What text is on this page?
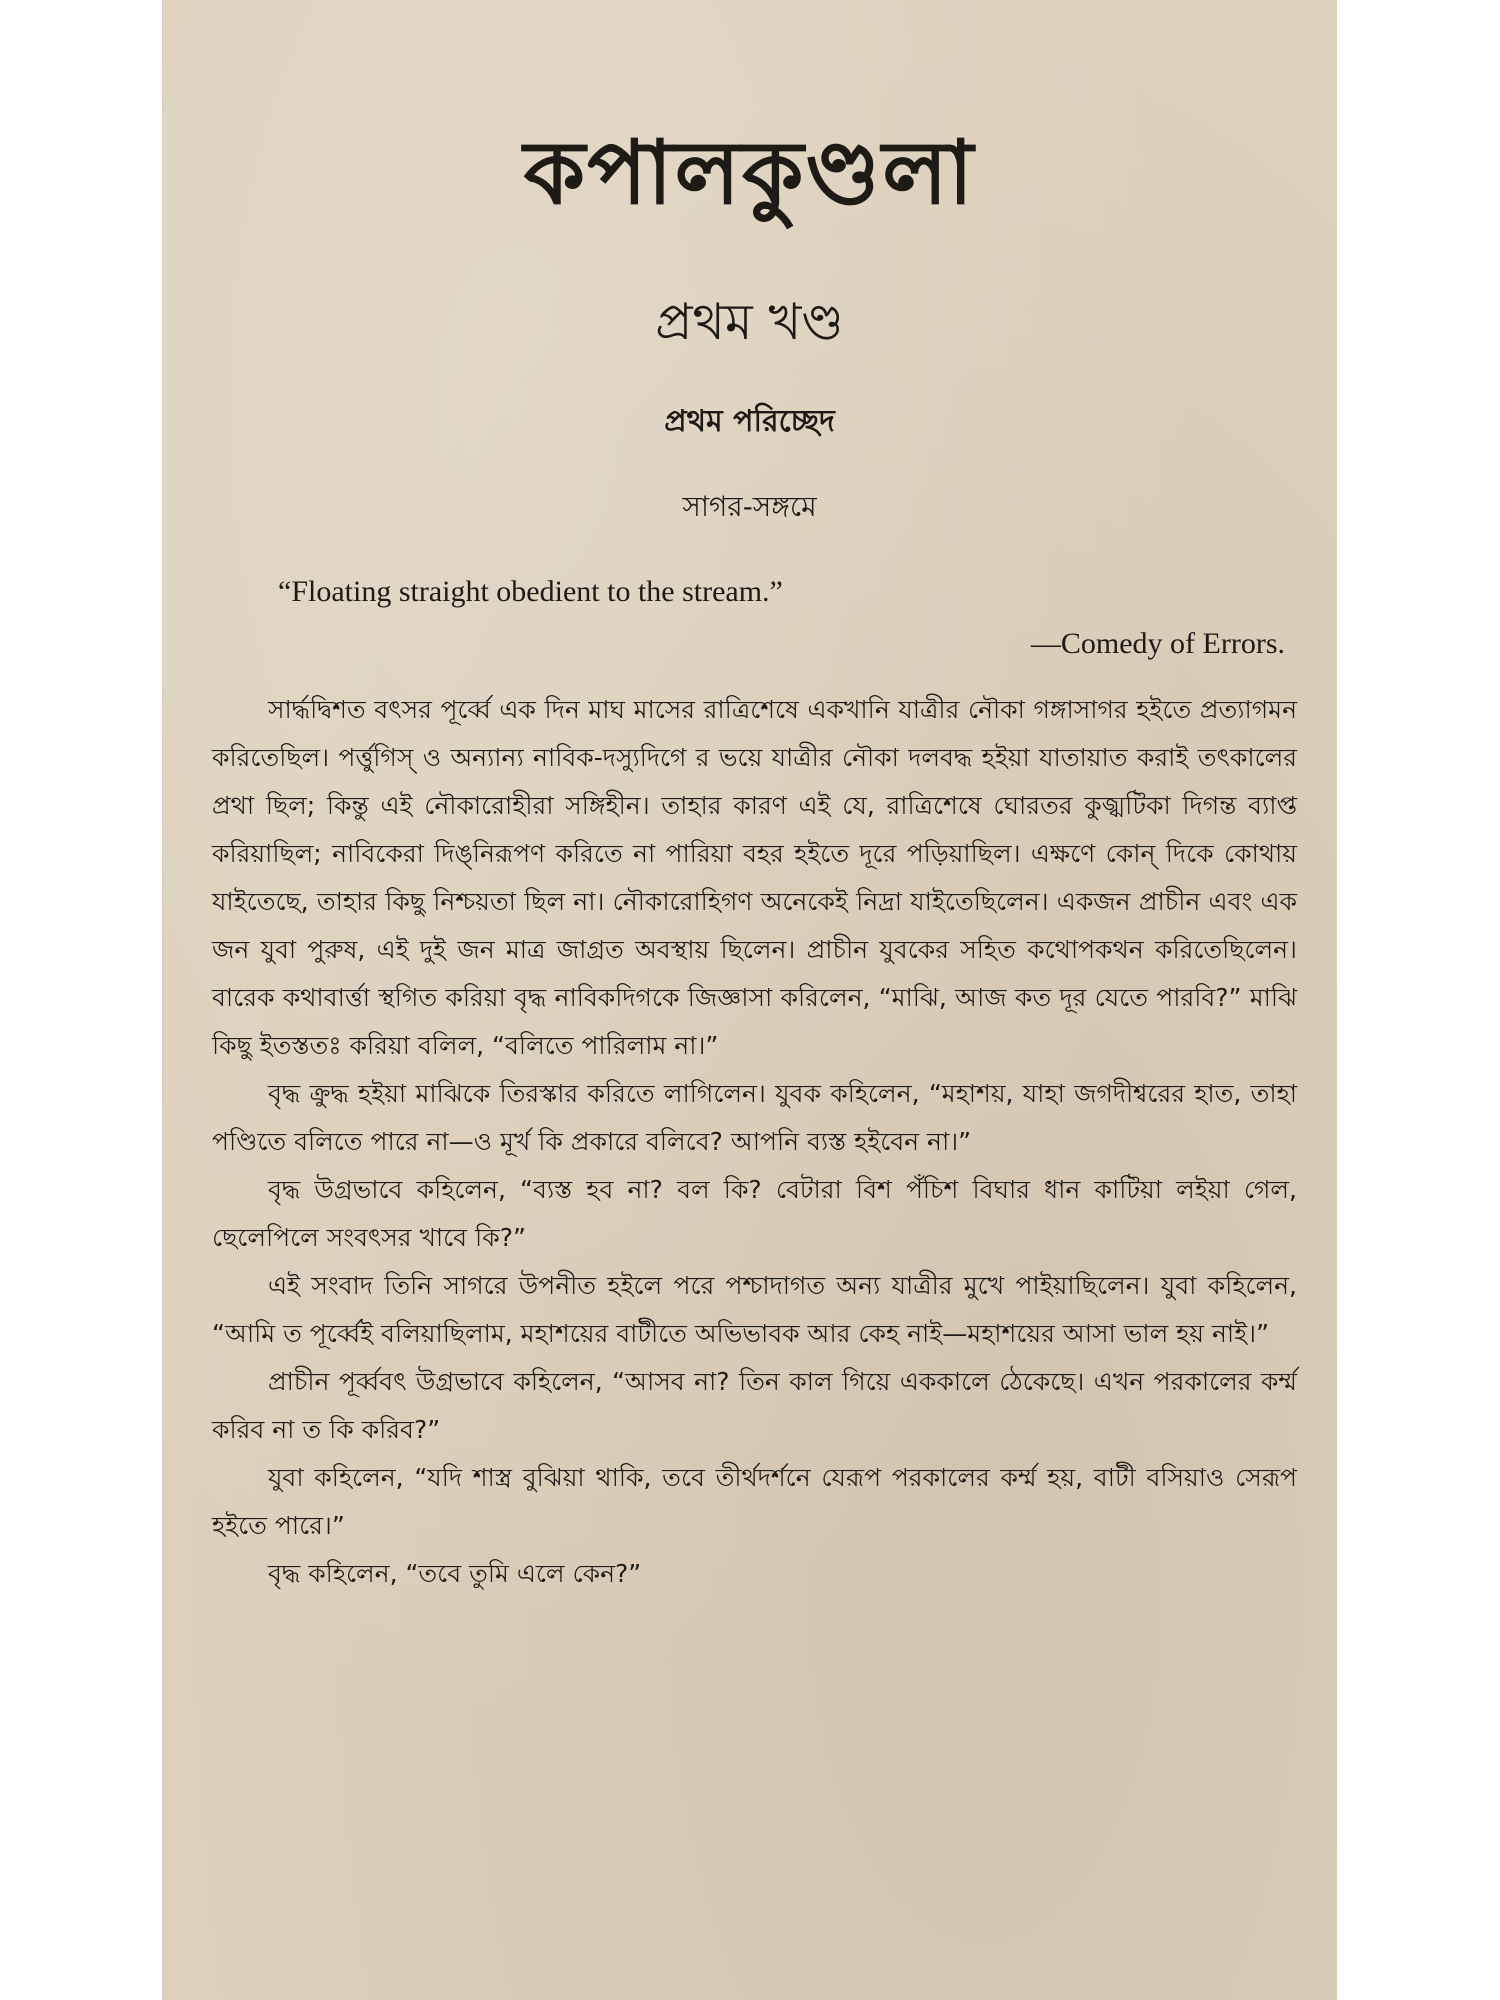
কপালকুণ্ডলা
প্রথম খণ্ড
প্রথম পরিচ্ছেদ
সাগর-সঙ্গমে
“Floating straight obedient to the stream.”
—Comedy of Errors.

সার্দ্ধদ্বিশত বৎসর পূর্ব্বে এক দিন মাঘ মাসের রাত্রিশেষে একখানি যাত্রীর নৌকা গঙ্গাসাগর হইতে প্রত্যাগমন করিতেছিল। পর্ত্তুগিস্‌ ও অন্যান্য নাবিক-দস্যুদিগে র ভয়ে যাত্রীর নৌকা দলবদ্ধ হইয়া যাতায়াত করাই তৎকালের প্রথা ছিল; কিন্তু এই নৌকারোহীরা সঙ্গিহীন। তাহার কারণ এই যে, রাত্রিশেষে ঘোরতর কুজ্ঝটিকা দিগন্ত ব্যাপ্ত করিয়াছিল; নাবিকেরা দিঙ্‌নিরূপণ করিতে না পারিয়া বহর হইতে দূরে পড়িয়াছিল। এক্ষণে কোন্‌ দিকে কোথায় যাইতেছে, তাহার কিছু নিশ্চয়তা ছিল না। নৌকারোহিগণ অনেকেই নিদ্রা যাইতেছিলেন। একজন প্রাচীন এবং এক জন যুবা পুরুষ, এই দুই জন মাত্র জাগ্রত অবস্থায় ছিলেন। প্রাচীন যুবকের সহিত কথোপকথন করিতেছিলেন। বারেক কথাবার্ত্তা স্থগিত করিয়া বৃদ্ধ নাবিকদিগকে জিজ্ঞাসা করিলেন, “মাঝি, আজ কত দূর যেতে পারবি?” মাঝি কিছু ইতস্ততঃ করিয়া বলিল, “বলিতে পারিলাম না।”

বৃদ্ধ ক্রুদ্ধ হইয়া মাঝিকে তিরস্কার করিতে লাগিলেন। যুবক কহিলেন, “মহাশয়, যাহা জগদীশ্বরের হাত, তাহা পণ্ডিতে বলিতে পারে না—ও মূর্খ কি প্রকারে বলিবে? আপনি ব্যস্ত হইবেন না।”

বৃদ্ধ উগ্রভাবে কহিলেন, “ব্যস্ত হব না? বল কি? বেটারা বিশ পঁচিশ বিঘার ধান কাটিয়া লইয়া গেল, ছেলেপিলে সংবৎসর খাবে কি?”

এই সংবাদ তিনি সাগরে উপনীত হইলে পরে পশ্চাদাগত অন্য যাত্রীর মুখে পাইয়াছিলেন। যুবা কহিলেন, “আমি ত পূর্ব্বেই বলিয়াছিলাম, মহাশয়ের বাটীতে অভিভাবক আর কেহ নাই—মহাশয়ের আসা ভাল হয় নাই।”

প্রাচীন পূর্ব্ববৎ উগ্রভাবে কহিলেন, “আসব না? তিন কাল গিয়ে এককালে ঠেকেছে। এখন পরকালের কর্ম্ম করিব না ত কি করিব?”

যুবা কহিলেন, “যদি শাস্ত্র বুঝিয়া থাকি, তবে তীর্থদর্শনে যেরূপ পরকালের কর্ম্ম হয়, বাটী বসিয়াও সেরূপ হইতে পারে।”

বৃদ্ধ কহিলেন, “তবে তুমি এলে কেন?”
